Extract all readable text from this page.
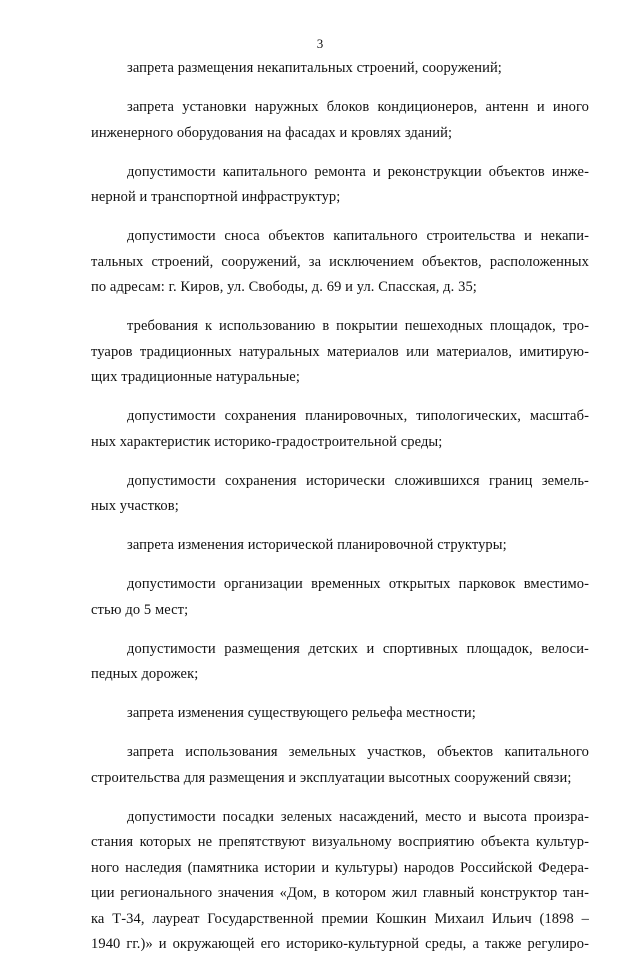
3

запрета размещения некапитальных строений, сооружений;

запрета установки наружных блоков кондиционеров, антенн и иного
инженерного оборудования на фасадах и кровлях зданий;

допустимости капитального ремонта и реконструкции объектов инже-
нерной и транспортной инфраструктур;

допустимости сноса объектов капитального строительства и некапи-
тальных строений, сооружений, за исключением объектов, расположенных
по адресам: г. Киров, ул. Свободы, д. 69 и ул. Спасская, д. 35;

требования к использованию в покрытии пешеходных площадок, тро-
туаров традиционных натуральных материалов или материалов, имитирую-
щих традиционные натуральные;

допустимости сохранения планировочных, типологических, масштаб-
ных характеристик историко-градостроительной среды;

допустимости сохранения исторически сложившихся границ земель-
ных участков;

запрета изменения исторической планировочной структуры;

допустимости организации временных открытых парковок вместимо-
стью до 5 мест;

допустимости размещения детских и спортивных площадок, велоси-
педных дорожек;

запрета изменения существующего рельефа местности;

запрета использования земельных участков, объектов капитального
строительства для размещения и эксплуатации высотных сооружений связи;

допустимости посадки зеленых насаждений, место и высота произра-
стания которых не препятствуют визуальному восприятию объекта культур-
ного наследия (памятника истории и культуры) народов Российской Федера-
ции регионального значения «Дом, в котором жил главный конструктор тан-
ка Т-34, лауреат Государственной премии Кошкин Михаил Ильич (1898 –
1940 гг.)» и окружающей его историко-культурной среды, а также регулиро-
